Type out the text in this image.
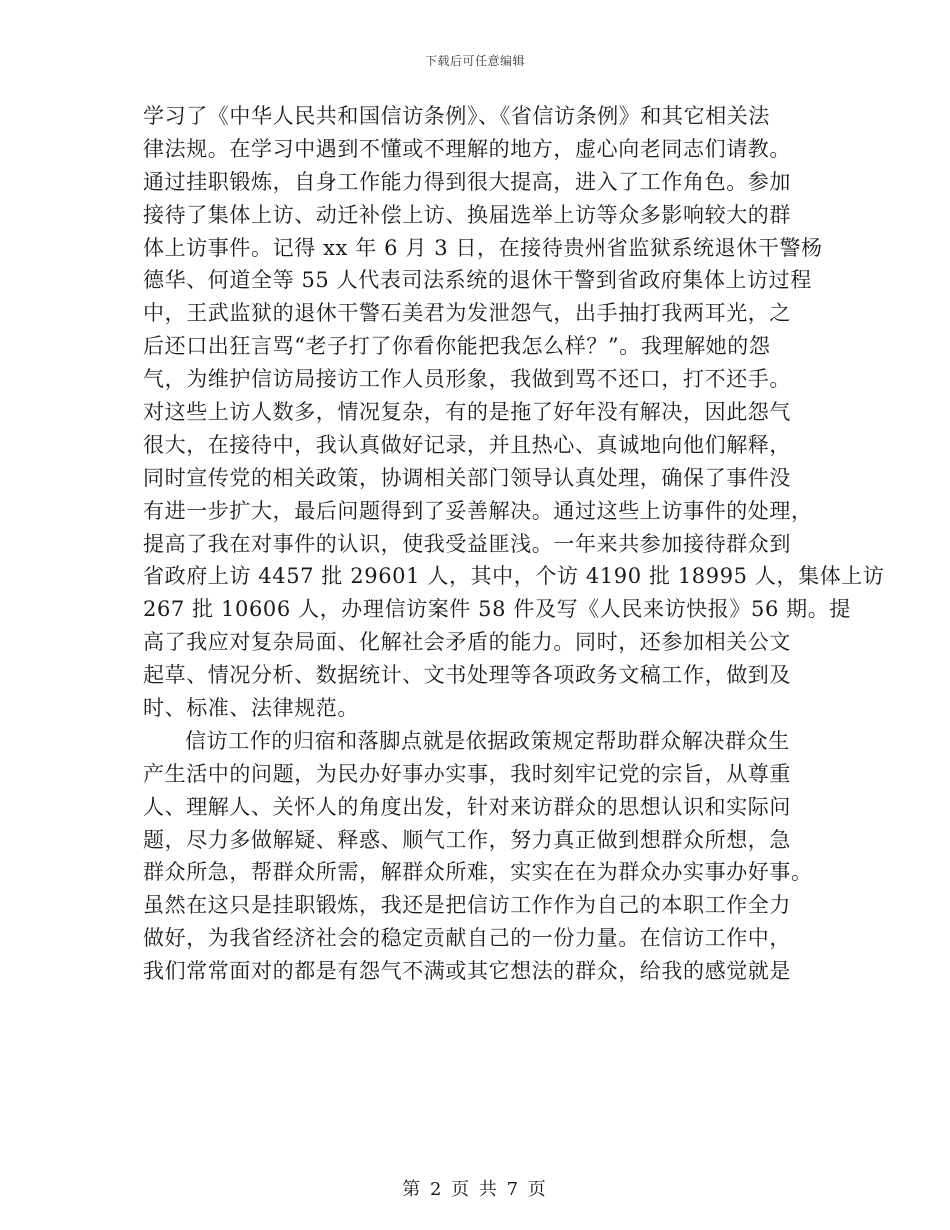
下载后可任意编辑
学习了《中华人民共和国信访条例》、《省信访条例》和其它相关法
律法规。在学习中遇到不懂或不理解的地方，虚心向老同志们请教。
通过挂职锻炼，自身工作能力得到很大提高，进入了工作角色。参加
接待了集体上访、动迁补偿上访、换届选举上访等众多影响较大的群
体上访事件。记得 xx 年 6 月 3 日，在接待贵州省监狱系统退休干警杨
德华、何道全等 55 人代表司法系统的退休干警到省政府集体上访过程
中，王武监狱的退休干警石美君为发泄怨气，出手抽打我两耳光，之
后还口出狂言骂“老子打了你看你能把我怎么样？”。我理解她的怨
气，为维护信访局接访工作人员形象，我做到骂不还口，打不还手。
对这些上访人数多，情况复杂，有的是拖了好年没有解决，因此怨气
很大，在接待中，我认真做好记录，并且热心、真诚地向他们解释，
同时宣传党的相关政策，协调相关部门领导认真处理，确保了事件没
有进一步扩大，最后问题得到了妥善解决。通过这些上访事件的处理，
提高了我在对事件的认识，使我受益匪浅。一年来共参加接待群众到
省政府上访 4457 批 29601 人，其中，个访 4190 批 18995 人，集体上访
267 批 10606 人，办理信访案件 58 件及写《人民来访快报》56 期。提
高了我应对复杂局面、化解社会矛盾的能力。同时，还参加相关公文
起草、情况分析、数据统计、文书处理等各项政务文稿工作，做到及
时、标准、法律规范。
信访工作的归宿和落脚点就是依据政策规定帮助群众解决群众生
产生活中的问题，为民办好事办实事，我时刻牢记党的宗旨，从尊重
人、理解人、关怀人的角度出发，针对来访群众的思想认识和实际问
题，尽力多做解疑、释惑、顺气工作，努力真正做到想群众所想，急
群众所急，帮群众所需，解群众所难，实实在在为群众办实事办好事。
虽然在这只是挂职锻炼，我还是把信访工作作为自己的本职工作全力
做好，为我省经济社会的稳定贡献自己的一份力量。在信访工作中，
我们常常面对的都是有怨气不满或其它想法的群众，给我的感觉就是
第 2 页 共 7 页
